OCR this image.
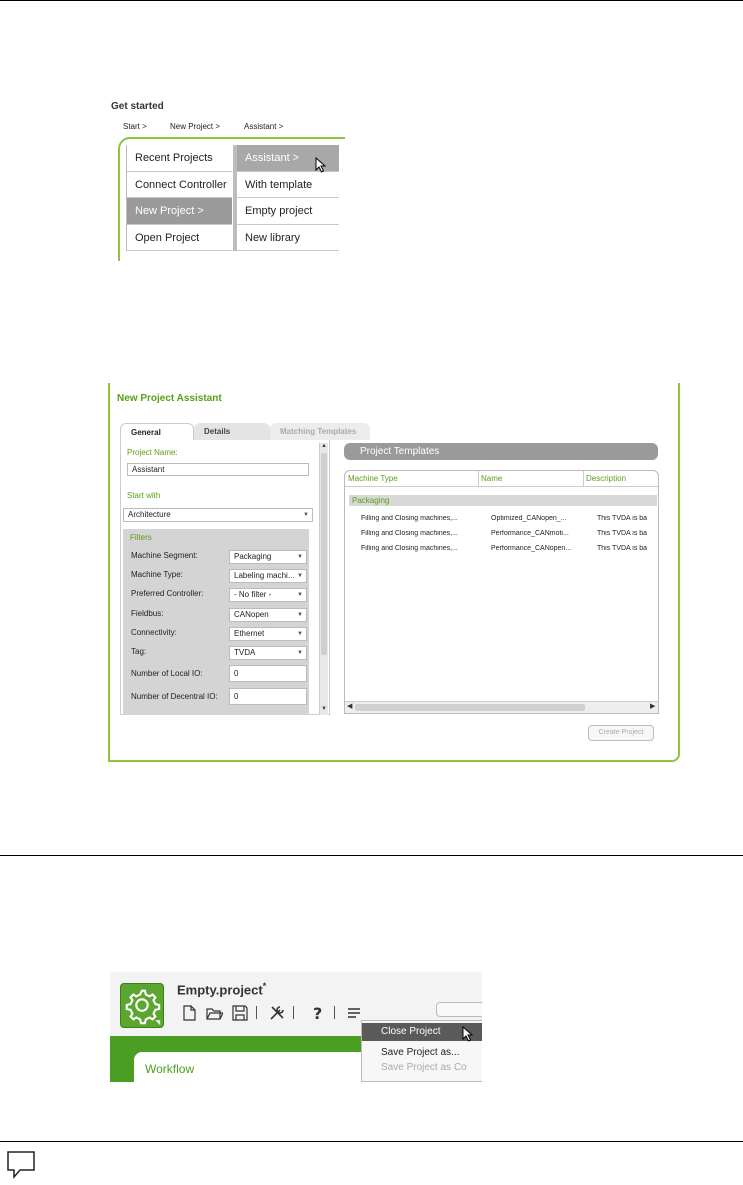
Get started
Start >	New Project >	Assistant >
Recent Projects
Connect Controller
New Project >
Open Project
Assistant >
With template
Empty project
New library
New Project Assistant
General	Details	Matching Templates
Project Name:
Assistant
Start with
Architecture	▼
Filters
Machine Segment:	Packaging	▼
Machine Type:	Labeling machi... ▼
Preferred Controller:	- No filter -	▼
Fieldbus:	CANopen	▼
Connectivity:	Ethernet	▼
Tag:	TVDA	▼
Number of Local IO:	0
Number of Decentral IO:	0
▲
▼
Project Templates
Machine Type	Name	Description
Packaging
Filling and Closing machines,...	Optimized_CANopen_...	This TVDA is ba
Filling and Closing machines,...	Performance_CANmoti...	This TVDA is ba
Filling and Closing machines,...	Performance_CANopen...	This TVDA is ba
◀	▶
Create Project
Empty.project*
?
Workflow
Close Project
Save Project as...
Save Project as Co
